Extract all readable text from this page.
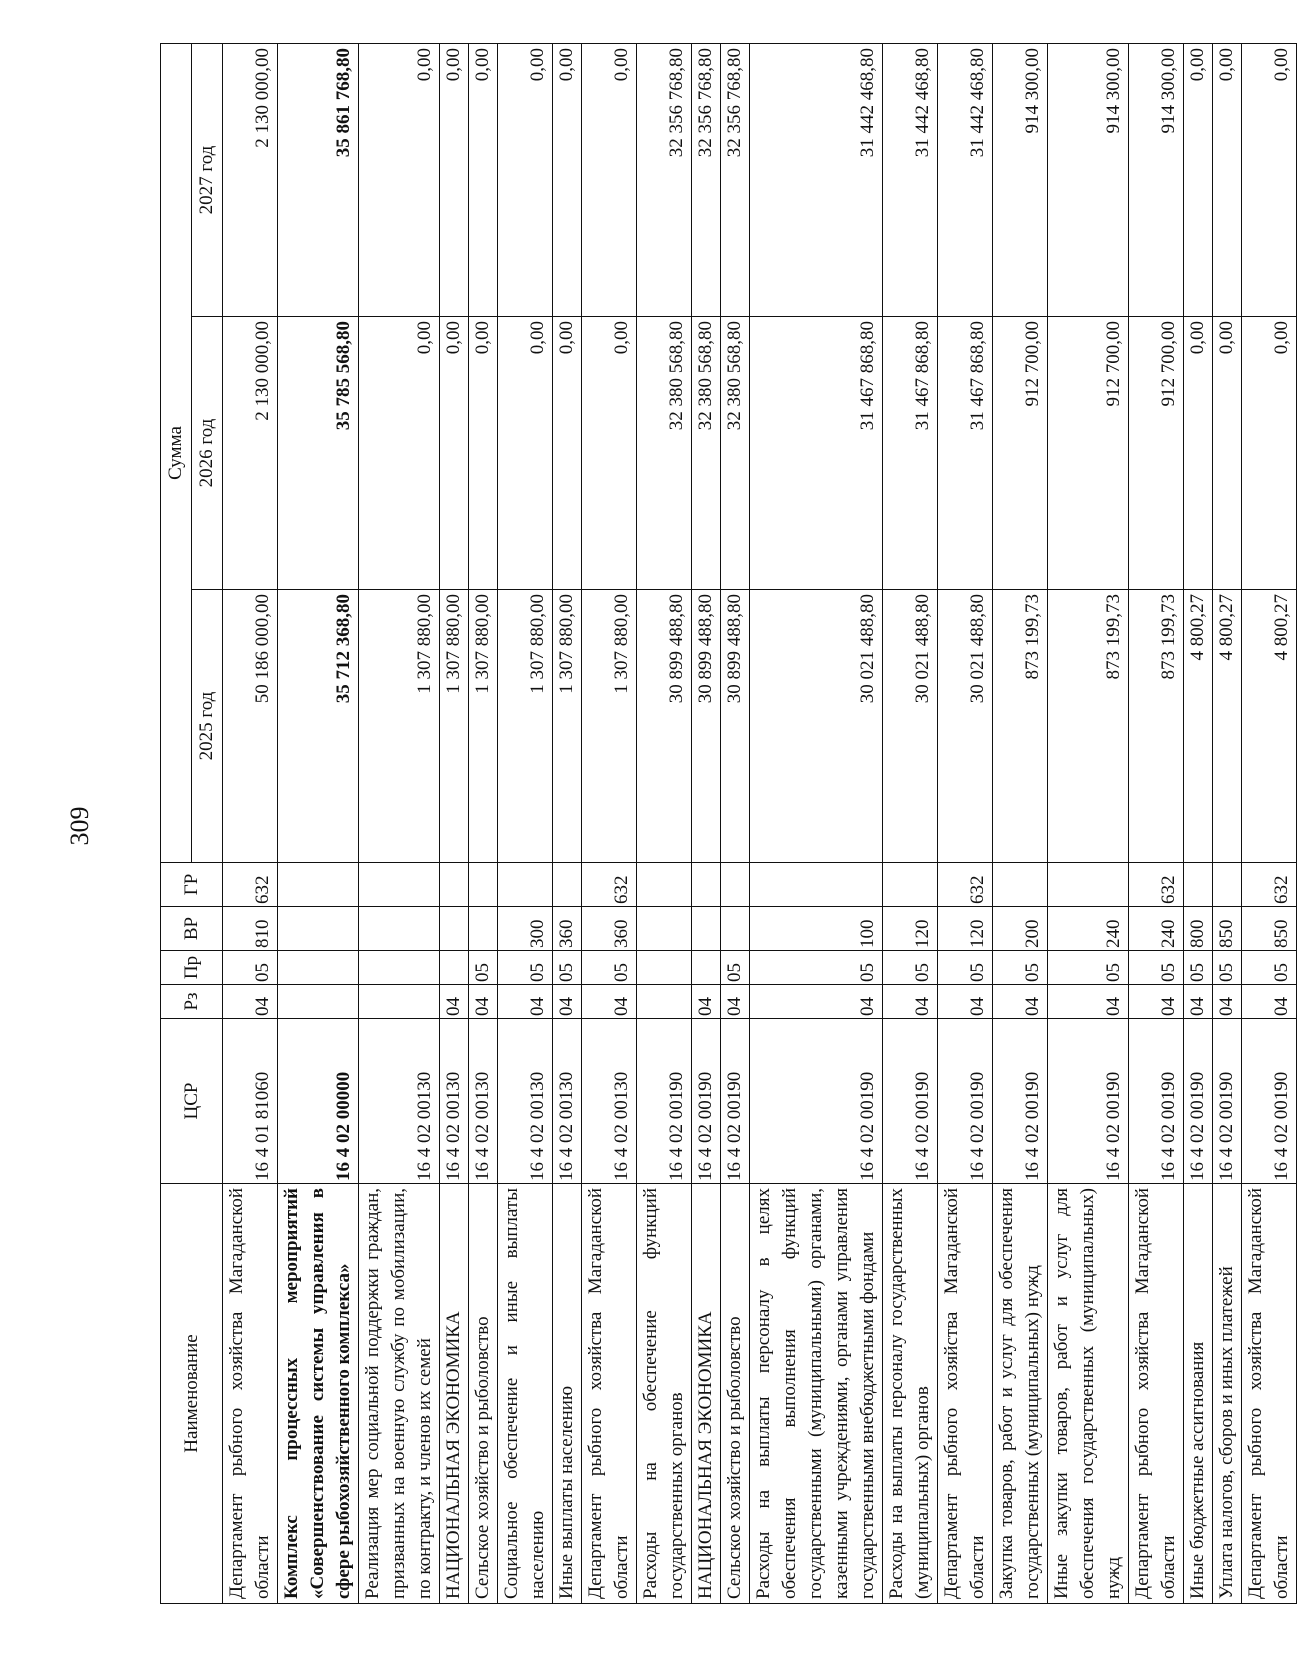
309
Наименование	ЦСР	Рз	Пр	ВР	ГР	Сумма		
						2025 год	2026 год	2027 год
Департамент рыбного хозяйства Магаданской области	16 4 01 81060	04	05	810	632	50 186 000,00	2 130 000,00	2 130 000,00
Комплекс процессных мероприятий «Совершенствование системы управления в сфере рыбохозяйственного комплекса»	16 4 02 00000					35 712 368,80	35 785 568,80	35 861 768,80
Реализация мер социальной поддержки граждан, призванных на военную службу по мобилизации, по контракту, и членов их семей	16 4 02 00130					1 307 880,00	0,00	0,00
НАЦИОНАЛЬНАЯ ЭКОНОМИКА	16 4 02 00130	04				1 307 880,00	0,00	0,00
Сельское хозяйство и рыболовство	16 4 02 00130	04	05			1 307 880,00	0,00	0,00
Социальное обеспечение и иные выплаты населению	16 4 02 00130	04	05	300		1 307 880,00	0,00	0,00
Иные выплаты населению	16 4 02 00130	04	05	360		1 307 880,00	0,00	0,00
Департамент рыбного хозяйства Магаданской области	16 4 02 00130	04	05	360	632	1 307 880,00	0,00	0,00
Расходы на обеспечение функций государственных органов	16 4 02 00190					30 899 488,80	32 380 568,80	32 356 768,80
НАЦИОНАЛЬНАЯ ЭКОНОМИКА	16 4 02 00190	04				30 899 488,80	32 380 568,80	32 356 768,80
Сельское хозяйство и рыболовство	16 4 02 00190	04	05			30 899 488,80	32 380 568,80	32 356 768,80
Расходы на выплаты персоналу в целях обеспечения выполнения функций государственными (муниципальными) органами, казенными учреждениями, органами управления государственными внебюджетными фондами	16 4 02 00190	04	05	100		30 021 488,80	31 467 868,80	31 442 468,80
Расходы на выплаты персоналу государственных (муниципальных) органов	16 4 02 00190	04	05	120		30 021 488,80	31 467 868,80	31 442 468,80
Департамент рыбного хозяйства Магаданской области	16 4 02 00190	04	05	120	632	30 021 488,80	31 467 868,80	31 442 468,80
Закупка товаров, работ и услуг для обеспечения государственных (муниципальных) нужд	16 4 02 00190	04	05	200		873 199,73	912 700,00	914 300,00
Иные закупки товаров, работ и услуг для обеспечения государственных (муниципальных) нужд	16 4 02 00190	04	05	240		873 199,73	912 700,00	914 300,00
Департамент рыбного хозяйства Магаданской области	16 4 02 00190	04	05	240	632	873 199,73	912 700,00	914 300,00
Иные бюджетные ассигнования	16 4 02 00190	04	05	800		4 800,27	0,00	0,00
Уплата налогов, сборов и иных платежей	16 4 02 00190	04	05	850		4 800,27	0,00	0,00
Департамент рыбного хозяйства Магаданской области	16 4 02 00190	04	05	850	632	4 800,27	0,00	0,00
